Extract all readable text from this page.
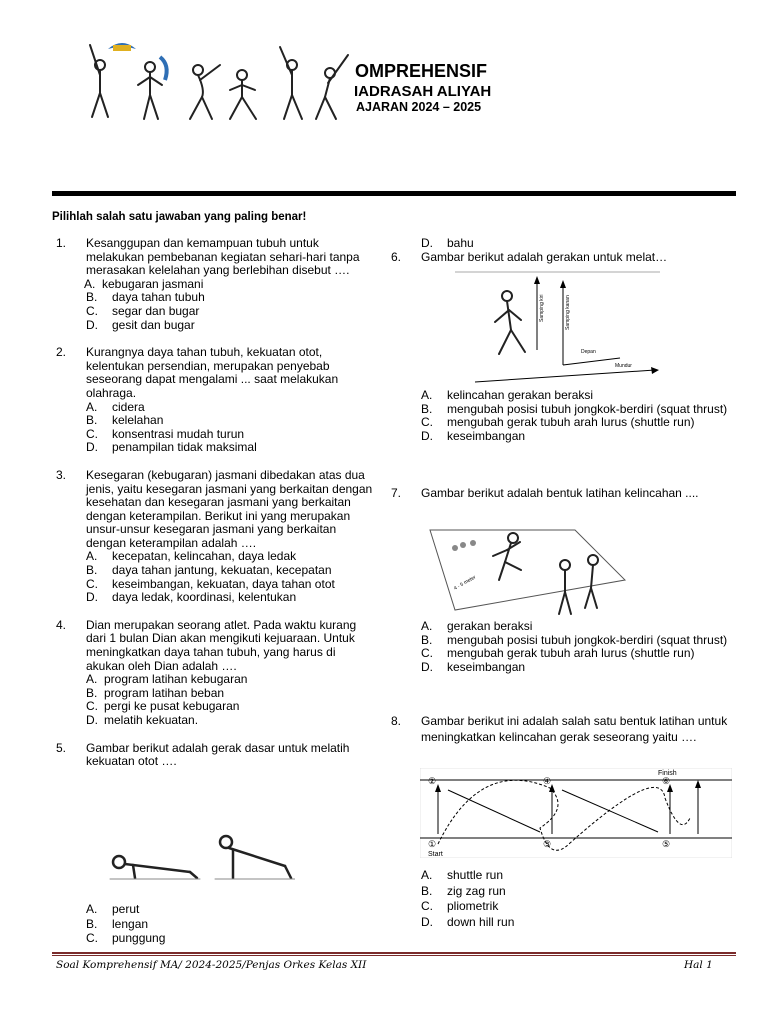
OMPREHENSIF
IADRASAH ALIYAH
AJARAN 2024 – 2025
Pilihlah salah satu jawaban yang paling benar!
1. Kesanggupan dan kemampuan tubuh untuk melakukan pembebanan kegiatan sehari-hari tanpa merasakan kelelahan yang berlebihan disebut ….
A. kebugaran jasmani
B.	daya tahan tubuh
C.	segar dan bugar
D.	gesit dan bugar
2. Kurangnya daya tahan tubuh, kekuatan otot, kelentukan persendian, merupakan penyebab seseorang dapat mengalami ... saat melakukan olahraga.
A.	cidera
B.	kelelahan
C.	konsentrasi mudah turun
D.	penampilan tidak maksimal
3. Kesegaran (kebugaran) jasmani dibedakan atas dua jenis, yaitu kesegaran jasmani yang berkaitan dengan kesehatan dan kesegaran jasmani yang berkaitan dengan keterampilan. Berikut ini yang merupakan unsur-unsur kesegaran jasmani yang berkaitan dengan keterampilan adalah ….
A.	kecepatan, kelincahan, daya ledak
B.	daya tahan jantung, kekuatan, kecepatan
C.	keseimbangan, kekuatan, daya tahan otot
D.	daya ledak, koordinasi, kelentukan
4. Dian merupakan seorang atlet. Pada waktu kurang dari 1 bulan Dian akan mengikuti kejuaraan. Untuk meningkatkan daya tahan tubuh, yang harus di akukan oleh Dian adalah ….
A. program latihan kebugaran
B. program latihan beban
C. pergi ke pusat kebugaran
D. melatih kekuatan.
5. Gambar berikut adalah gerak dasar untuk melatih kekuatan otot ….
A.	perut
B.	lengan
C.	punggung
D.	bahu
6. Gambar berikut adalah gerakan untuk melat…
Samping kiri	Samping kanan
Depan
Mundur
A.	kelincahan gerakan beraksi
B.	mengubah posisi tubuh jongkok-berdiri (squat thrust)
C.	mengubah gerak tubuh arah lurus (shuttle run)
D.	keseimbangan
7. Gambar berikut adalah bentuk latihan kelincahan ....
4 - 5 meter
A.	gerakan beraksi
B.	mengubah posisi tubuh jongkok-berdiri (squat thrust)
C.	mengubah gerak tubuh arah lurus (shuttle run)
D.	keseimbangan
8. Gambar berikut ini adalah salah satu bentuk latihan untuk meningkatkan kelincahan gerak seseorang yaitu ….
②	④	⑥
①	③	⑤
Finish
Start
A.	shuttle run
B.	zig zag run
C.	pliometrik
D.	down hill run
Soal Komprehensif MA/ 2024-2025/Penjas Orkes Kelas XII	Hal 1
